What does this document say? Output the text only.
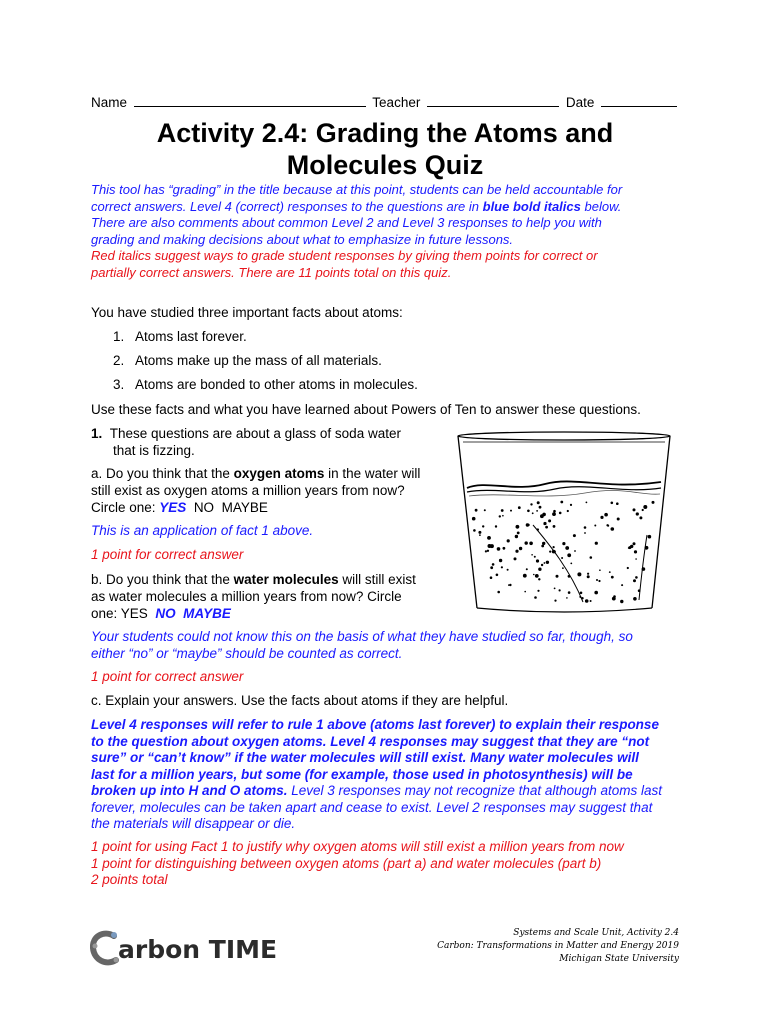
Name	Teacher	Date
Activity 2.4: Grading the Atoms and
Molecules Quiz
This tool has “grading” in the title because at this point, students can be held accountable for
correct answers. Level 4 (correct) responses to the questions are in blue bold italics below.
There are also comments about common Level 2 and Level 3 responses to help you with
grading and making decisions about what to emphasize in future lessons.
Red italics suggest ways to grade student responses by giving them points for correct or
partially correct answers. There are 11 points total on this quiz.
You have studied three important facts about atoms:
1. Atoms last forever.
2. Atoms make up the mass of all materials.
3. Atoms are bonded to other atoms in molecules.
Use these facts and what you have learned about Powers of Ten to answer these questions.
1. These questions are about a glass of soda water
that is fizzing.
a. Do you think that the oxygen atoms in the water will
still exist as oxygen atoms a million years from now?
Circle one: YES NO MAYBE
This is an application of fact 1 above.
1 point for correct answer
b. Do you think that the water molecules will still exist
as water molecules a million years from now? Circle
one: YES NO MAYBE
Your students could not know this on the basis of what they have studied so far, though, so
either “no” or “maybe” should be counted as correct.
1 point for correct answer
c. Explain your answers. Use the facts about atoms if they are helpful.
Level 4 responses will refer to rule 1 above (atoms last forever) to explain their response
to the question about oxygen atoms. Level 4 responses may suggest that they are “not
sure” or “can’t know” if the water molecules will still exist. Many water molecules will
last for a million years, but some (for example, those used in photosynthesis) will be
broken up into H and O atoms. Level 3 responses may not recognize that although atoms last
forever, molecules can be taken apart and cease to exist. Level 2 responses may suggest that
the materials will disappear or die.
1 point for using Fact 1 to justify why oxygen atoms will still exist a million years from now
1 point for distinguishing between oxygen atoms (part a) and water molecules (part b)
2 points total
Systems and Scale Unit, Activity 2.4
Carbon: Transformations in Matter and Energy 2019
Michigan State University
arbon TIME
